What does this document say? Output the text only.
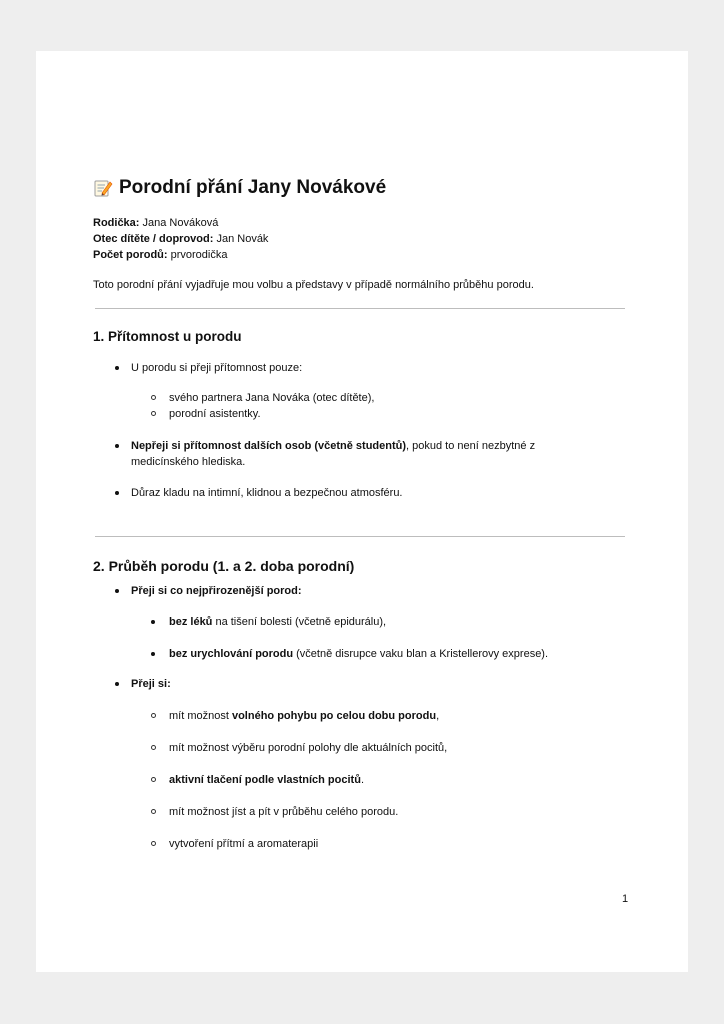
Porodní přání Jany Novákové
Rodička: Jana Nováková
Otec dítěte / doprovod: Jan Novák
Počet porodů: prvorodička

Toto porodní přání vyjadřuje mou volbu a představy v případě normálního průběhu porodu.

1. Přítomnost u porodu
U porodu si přeji přítomnost pouze:
svého partnera Jana Nováka (otec dítěte),
porodní asistentky.
Nepřeji si přítomnost dalších osob (včetně studentů), pokud to není nezbytné z
medicínského hlediska.
Důraz kladu na intimní, klidnou a bezpečnou atmosféru.
2. Průběh porodu (1. a 2. doba porodní)
Přeji si co nejpřirozenější porod:
bez léků na tišení bolesti (včetně epidurálu),
bez urychlování porodu (včetně disrupce vaku blan a Kristellerovy exprese).
Přeji si:
mít možnost volného pohybu po celou dobu porodu,
mít možnost výběru porodní polohy dle aktuálních pocitů,
aktivní tlačení podle vlastních pocitů.
mít možnost jíst a pít v průběhu celého porodu.
vytvoření přítmí a aromaterapii
1
